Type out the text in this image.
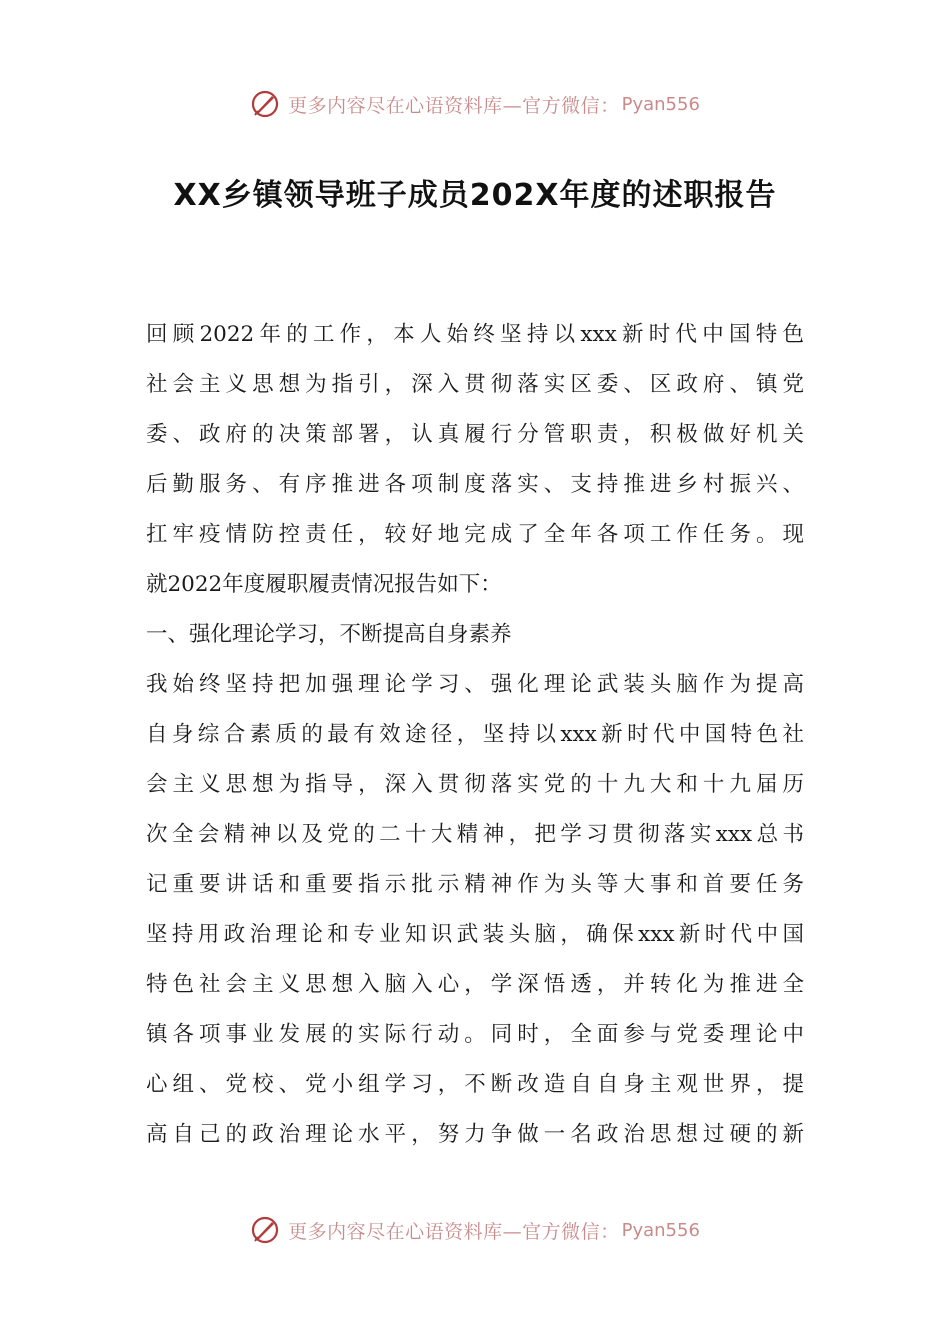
更多内容尽在心语资料库—官方微信： Pyan556
XX乡镇领导班子成员202X年度的述职报告
回顾2022年的工作，本人始终坚持以xxx新时代中国特色
社会主义思想为指引，深入贯彻落实区委、区政府、镇党
委、政府的决策部署，认真履行分管职责，积极做好机关
后勤服务、有序推进各项制度落实、支持推进乡村振兴、
扛牢疫情防控责任，较好地完成了全年各项工作任务。现
就2022年度履职履责情况报告如下：
一、强化理论学习，不断提高自身素养
我始终坚持把加强理论学习、强化理论武装头脑作为提高
自身综合素质的最有效途径，坚持以xxx新时代中国特色社
会主义思想为指导，深入贯彻落实党的十九大和十九届历
次全会精神以及党的二十大精神，把学习贯彻落实xxx总书
记重要讲话和重要指示批示精神作为头等大事和首要任务
坚持用政治理论和专业知识武装头脑，确保xxx新时代中国
特色社会主义思想入脑入心，学深悟透，并转化为推进全
镇各项事业发展的实际行动。同时，全面参与党委理论中
心组、党校、党小组学习，不断改造自自身主观世界，提
高自己的政治理论水平，努力争做一名政治思想过硬的新
更多内容尽在心语资料库—官方微信： Pyan556
